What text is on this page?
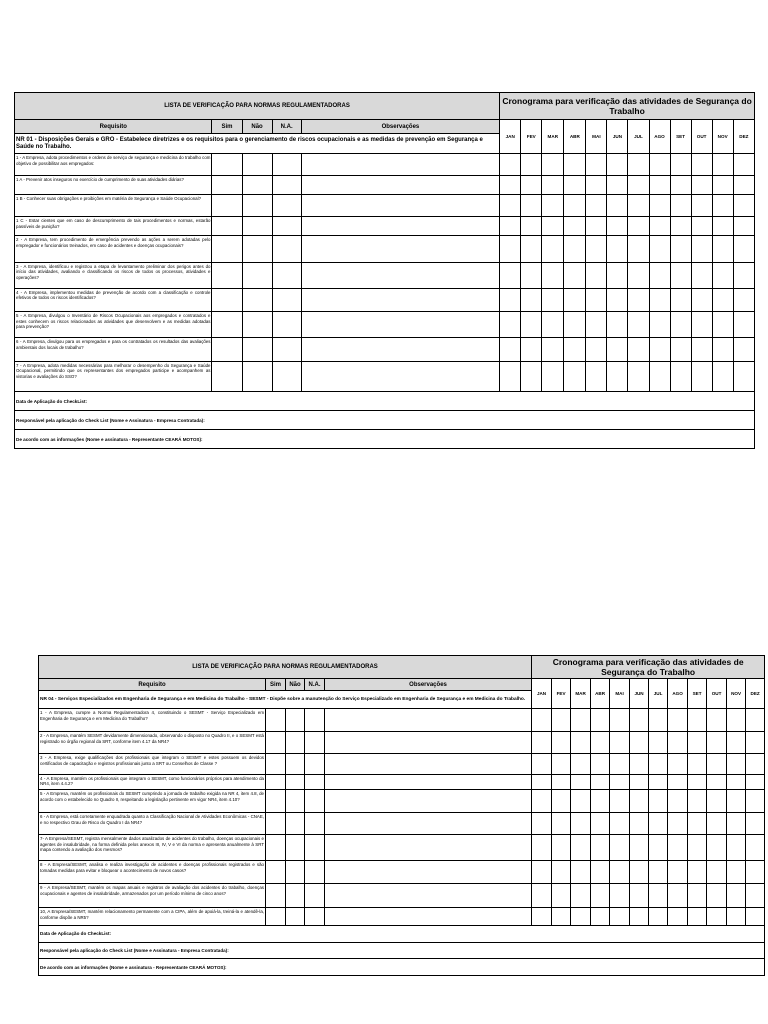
LISTA DE VERIFICAÇÃO PARA NORMAS REGULAMENTADORAS					Cronograma para verificação das atividades de Segurança do Trabalho											
Requisito	Sim	Não	N.A.	Observações	JAN	FEV	MAR	ABR	MAI	JUN	JUL	AGO	SET	OUT	NOV	DEZ
NR 01 - Disposições Gerais e GRO - Estabelece diretrizes e os requisitos para o gerenciamento de riscos ocupacionais e as medidas de prevenção em Segurança e Saúde no Trabalho.																
1 - A Empresa, adota procedimentos e ordens de serviço de segurança e medicina do trabalho com objetivo de possibilitar aos empregados:																
1 A - Prevenir atos inseguros no exercício de cumprimento de suas atividades diárias?																
1 B - Conhecer suas obrigações e proibições em matéria de Segurança e Saúde Ocupacional?																
1 C - Estar cientes que em caso de descumprimento de tais procedimentos e normas, estarão passíveis de punição?																
2 - A Empresa, tem procedimento de emergência prevendo as ações a serem adotadas pelo empregador e funcionários treinados, em caso de acidentes e doenças ocupacionais?																
3 - A Empresa, identificou e registrou a etapa de levantamento preliminar dos perigos antes do início das atividades, avaliando e classificando os riscos de todos os processos, atividades e operações?																
4 - A Empresa, implementou medidas de prevenção de acordo com a classificação e controle efetivos de todos os riscos identificados?																
5 - A Empresa, divulgou o Inventário de Riscos Ocupacionais aos empregados e contratados e estes conhecem os riscos relacionados as atividades que desenvolvem e as medidas adotadas para prevenção?																
6 - A Empresa, divulgou para os empregados e para os contratados os resultados das avaliações ambientais dos locais de trabalho?																
7 - A Empresa, adota medidas necessárias para melhorar o desempenho do Segurança e Saúde Ocupacional, permitindo que os representantes dos empregados participe e acompanhem as vistorias e avaliações do SSO?																
Data de Aplicação do CheckList:																
Responsável pela aplicação do Check List (Nome e Assinatura - Empresa Contratada):																
De acordo com as informações (Nome e assinatura - Representante CEARÁ MOTOS):																
LISTA DE VERIFICAÇÃO PARA NORMAS REGULAMENTADORAS					Cronograma para verificação das atividades de Segurança do Trabalho											
Requisito	Sim	Não	N.A.	Observações	JAN	FEV	MAR	ABR	MAI	JUN	JUL	AGO	SET	OUT	NOV	DEZ
NR 04 - Serviços Especializados em Engenharia de Segurança e em Medicina do Trabalho - SESMT - Dispõe sobre a manutenção do Serviço Especializado em Engenharia de Segurança e em Medicina do Trabalho.																
1 - A Empresa, cumpre a Norma Regulamentadora 4, constituindo o SESMT - Serviço Especializado em Engenharia de Segurança e em Medicina do Trabalho?																
2 - A Empresa, mantém SESMT devidamente dimensionado, observando o disposto no Quadro II, e o SESMT está registrado no órgão regional da SRT, conforme item 4.17 da NR4?																
3 - A Empresa, exige qualificações dos profissionais que integram o SESMT e estes possuem os devidos certificados de capacitação e registros profissionais junto a SRT ou Conselhos de Classe ?																
4 - A Empresa, mantém os profissionais que integram o SESMT, como funcionários próprios para atendimento da NR4, item 4.4.2?																
5 - A Empresa, mantém os profissionais do SESMT cumprindo a jornada de trabalho exigida na NR 4, item 4.8, de acordo com o estabelecido no Quadro II, respeitando a legislação pertinente em vigor NR4, item 4.10?																
6 - A Empresa, está corretamente enquadrada quanto a Classificação Nacional de Atividades Econômicas - CNAE, e no respectivo Grau de Risco do Quadro I da NR4?																
7- A Empresa/SESMT, registra mensalmente dados atualizados de acidentes do trabalho, doenças ocupacionais e agentes de insalubridade, na forma definida pelos anexos III, IV, V e VI da norma e apresenta anualmente à SRT mapa contendo a avaliação dos mesmos?																
8 - A Empresa/SESMT, analisa e realiza investigação de acidentes e doenças profissionais registrados e são tomadas medidas para evitar e bloquear o acontecimento de novos casos?																
9 - A Empresa/SESMT, mantém os mapas anuais e registros de avaliação dos acidentes do trabalho, doenças ocupacionais e agentes de insalubridade, armazenados por um período mínimo de cinco anos?																
10, A Empresa/SESMT, mantém relacionamento permanente com a CIPA, além de apoiá-la, treiná-la e atendê-la, conforme dispõe a NR5?																
Data de Aplicação do CheckList:																
Responsável pela aplicação do Check List (Nome e Assinatura - Empresa Contratada):																
De acordo com as informações (Nome e assinatura - Representante CEARÁ MOTOS):																
